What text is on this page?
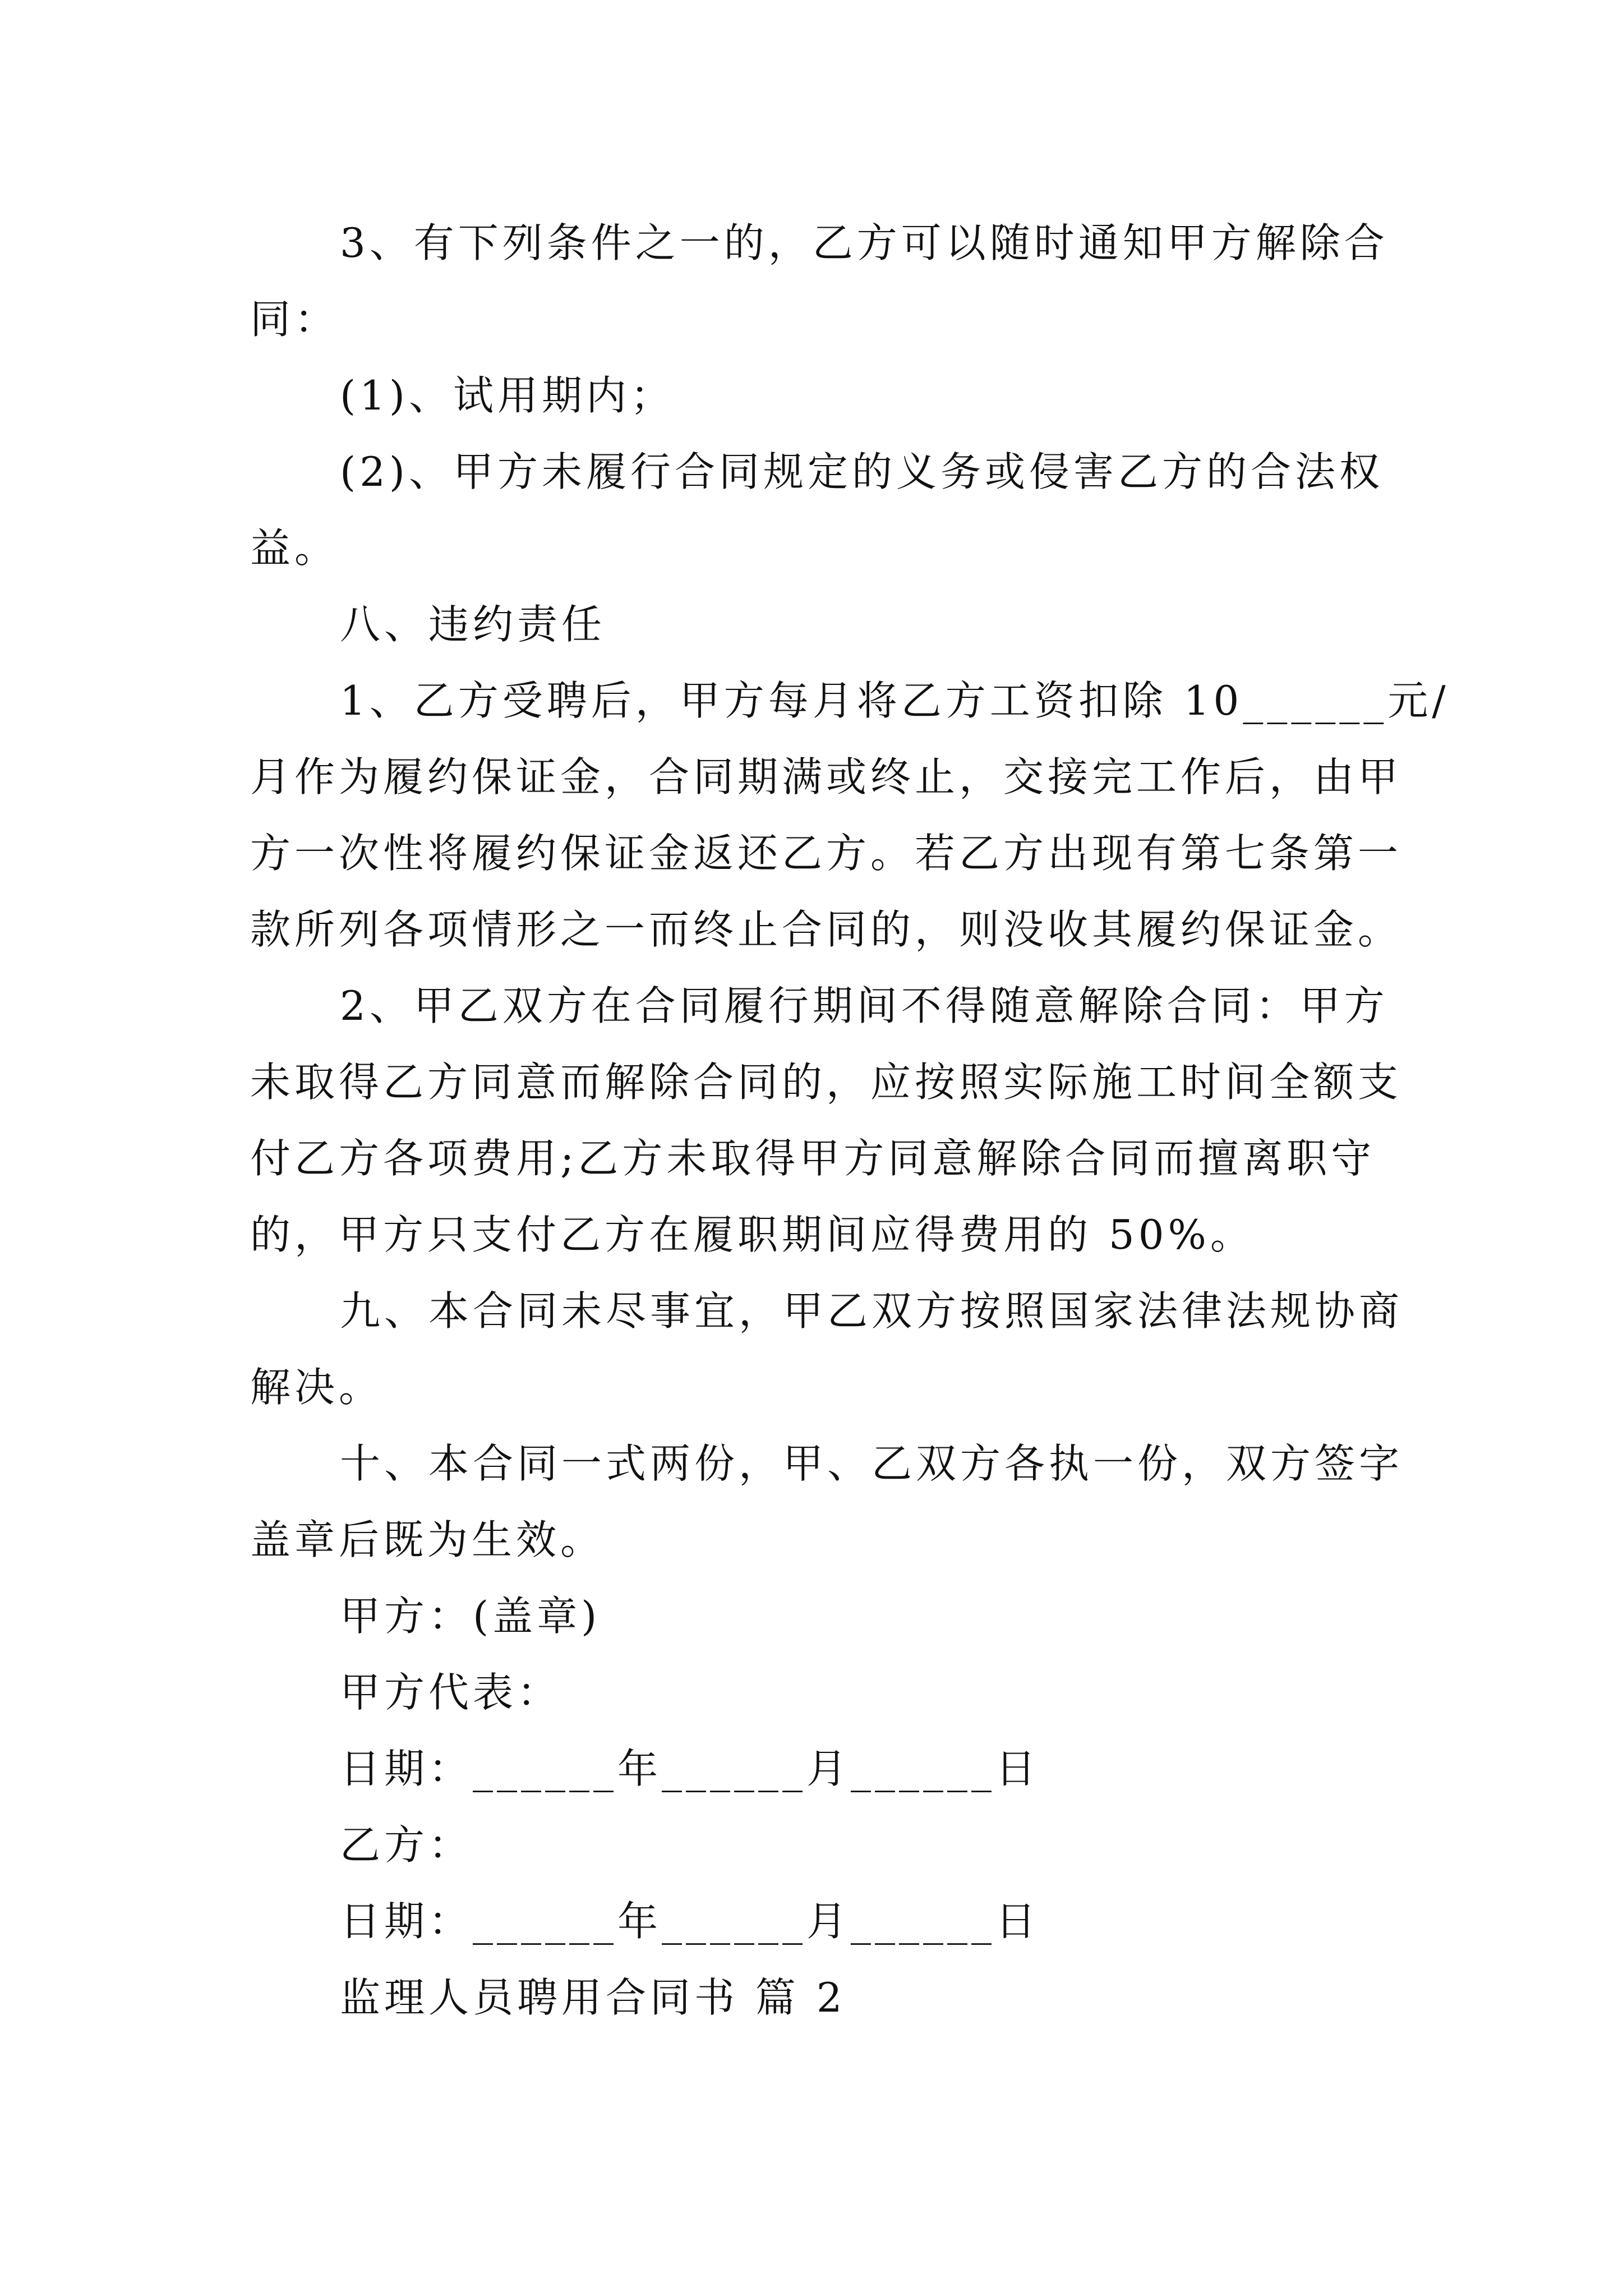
3、有下列条件之一的，乙方可以随时通知甲方解除合
同：
(1)、试用期内；
(2)、甲方未履行合同规定的义务或侵害乙方的合法权
益。
八、违约责任
1、乙方受聘后，甲方每月将乙方工资扣除 10______元/
月作为履约保证金，合同期满或终止，交接完工作后，由甲
方一次性将履约保证金返还乙方。若乙方出现有第七条第一
款所列各项情形之一而终止合同的，则没收其履约保证金。
2、甲乙双方在合同履行期间不得随意解除合同：甲方
未取得乙方同意而解除合同的，应按照实际施工时间全额支
付乙方各项费用;乙方未取得甲方同意解除合同而擅离职守
的，甲方只支付乙方在履职期间应得费用的 50%。
九、本合同未尽事宜，甲乙双方按照国家法律法规协商
解决。
十、本合同一式两份，甲、乙双方各执一份，双方签字
盖章后既为生效。
甲方：(盖章)
甲方代表：
日期：______年______月______日
乙方：
日期：______年______月______日
监理人员聘用合同书 篇 2
